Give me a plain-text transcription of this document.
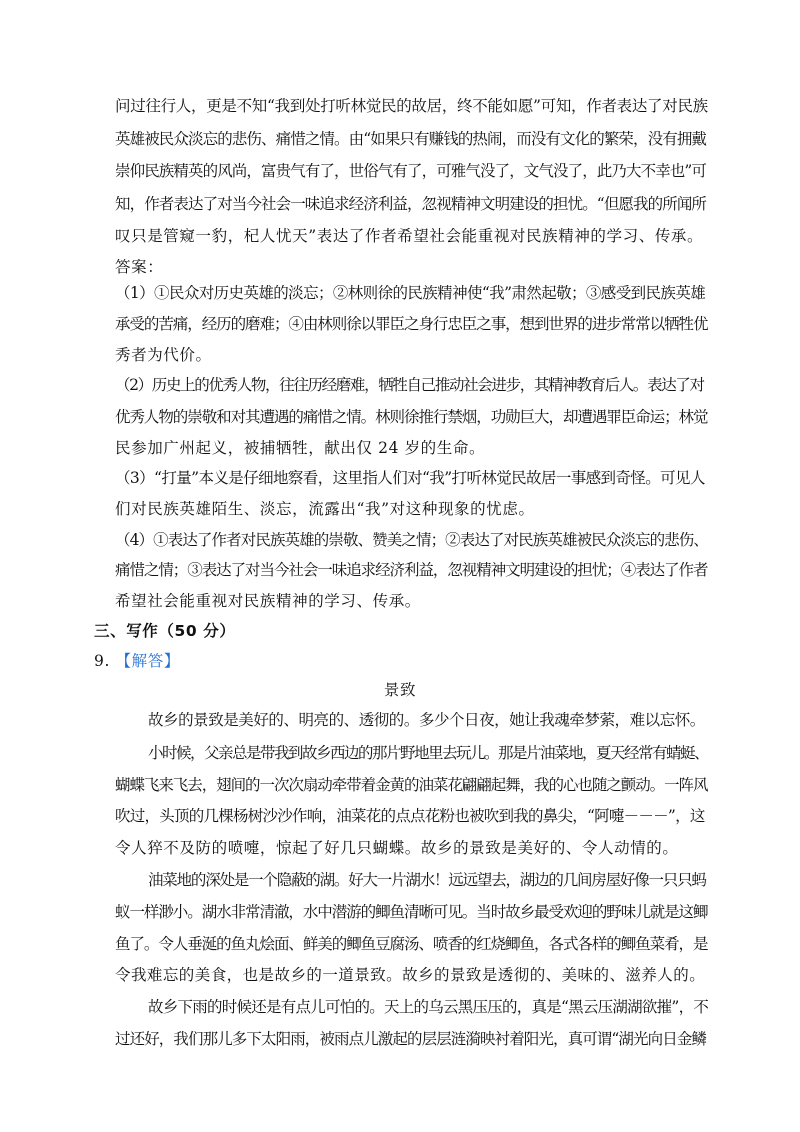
问过往行人，更是不知“我到处打听林觉民的故居，终不能如愿”可知，作者表达了对民族
英雄被民众淡忘的悲伤、痛惜之情。由“如果只有赚钱的热闹，而没有文化的繁荣，没有拥戴
崇仰民族精英的风尚，富贵气有了，世俗气有了，可雅气没了，文气没了，此乃大不幸也”可
知，作者表达了对当今社会一味追求经济利益，忽视精神文明建设的担忧。“但愿我的所闻所
叹只是管窥一豹，杞人忧天”表达了作者希望社会能重视对民族精神的学习、传承。
答案：
（1）①民众对历史英雄的淡忘；②林则徐的民族精神使“我”肃然起敬；③感受到民族英雄
承受的苦痛，经历的磨难；④由林则徐以罪臣之身行忠臣之事，想到世界的进步常常以牺牲优
秀者为代价。
（2）历史上的优秀人物，往往历经磨难，牺牲自己推动社会进步，其精神教育后人。表达了对
优秀人物的崇敬和对其遭遇的痛惜之情。林则徐推行禁烟，功勋巨大，却遭遇罪臣命运；林觉
民参加广州起义，被捕牺牲，献出仅 24 岁的生命。
（3）“打量”本义是仔细地察看，这里指人们对“我”打听林觉民故居一事感到奇怪。可见人
们对民族英雄陌生、淡忘，流露出“我”对这种现象的忧虑。
（4）①表达了作者对民族英雄的崇敬、赞美之情；②表达了对民族英雄被民众淡忘的悲伤、
痛惜之情；③表达了对当今社会一味追求经济利益，忽视精神文明建设的担忧；④表达了作者
希望社会能重视对民族精神的学习、传承。
三、写作（50 分）
9. 【解答】
景致
故乡的景致是美好的、明亮的、透彻的。多少个日夜，她让我魂牵梦萦，难以忘怀。
小时候，父亲总是带我到故乡西边的那片野地里去玩儿。那是片油菜地，夏天经常有蜻蜓、
蝴蝶飞来飞去，翅间的一次次扇动牵带着金黄的油菜花翩翩起舞，我的心也随之颤动。一阵风
吹过，头顶的几棵杨树沙沙作响，油菜花的点点花粉也被吹到我的鼻尖，“阿嚏－－－”，这
令人猝不及防的喷嚏，惊起了好几只蝴蝶。故乡的景致是美好的、令人动情的。
油菜地的深处是一个隐蔽的湖。好大一片湖水！远远望去，湖边的几间房屋好像一只只蚂
蚁一样渺小。湖水非常清澈，水中潜游的鲫鱼清晰可见。当时故乡最受欢迎的野味儿就是这鲫
鱼了。令人垂涎的鱼丸烩面、鲜美的鲫鱼豆腐汤、喷香的红烧鲫鱼，各式各样的鲫鱼菜肴，是
令我难忘的美食，也是故乡的一道景致。故乡的景致是透彻的、美味的、滋养人的。
故乡下雨的时候还是有点儿可怕的。天上的乌云黑压压的，真是“黑云压湖湖欲摧”，不
过还好，我们那儿多下太阳雨，被雨点儿激起的层层涟漪映衬着阳光，真可谓“湖光向日金鳞
